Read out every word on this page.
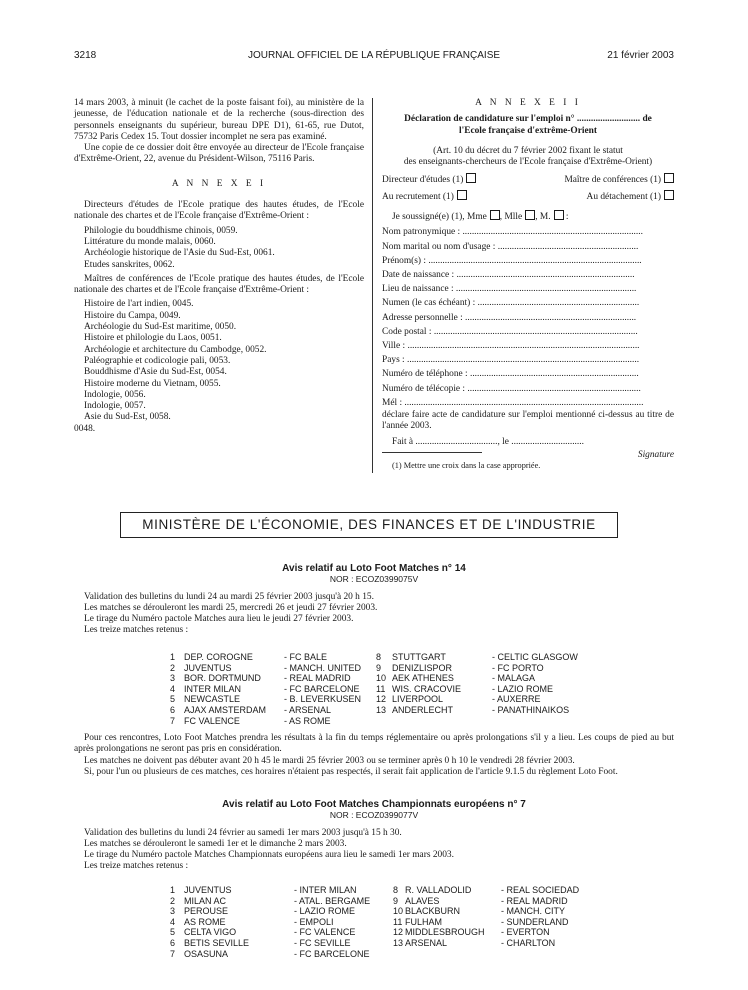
3218	JOURNAL OFFICIEL DE LA RÉPUBLIQUE FRANÇAISE	21 février 2003

14 mars 2003, à minuit (le cachet de la poste faisant foi), au ministère de la jeunesse, de l'éducation nationale et de la recherche (sous-direction des personnels enseignants du supérieur, bureau DPE D1), 61-65, rue Dutot, 75732 Paris Cedex 15. Tout dossier incomplet ne sera pas examiné.

Une copie de ce dossier doit être envoyée au directeur de l'Ecole française d'Extrême-Orient, 22, avenue du Président-Wilson, 75116 Paris.

A N N E X E I

Directeurs d'études de l'Ecole pratique des hautes études, de l'Ecole nationale des chartes et de l'Ecole française d'Extrême-Orient :

Philologie du bouddhisme chinois, 0059.

Littérature du monde malais, 0060.

Archéologie historique de l'Asie du Sud-Est, 0061.

Etudes sanskrites, 0062.

Maîtres de conférences de l'Ecole pratique des hautes études, de l'Ecole nationale des chartes et de l'Ecole française d'Extrême-Orient :

Histoire de l'art indien, 0045.

Histoire du Campa, 0049.

Archéologie du Sud-Est maritime, 0050.

Histoire et philologie du Laos, 0051.

Archéologie et architecture du Cambodge, 0052.

Paléographie et codicologie pali, 0053.

Bouddhisme d'Asie du Sud-Est, 0054.

Histoire moderne du Vietnam, 0055.

Indologie, 0056.

Indologie, 0057.

Asie du Sud-Est, 0058.

0048.

A N N E X E I I

Déclaration de candidature sur l'emploi n° ........................... de

l'Ecole française d'extrême-Orient

(Art. 10 du décret du 7 février 2002 fixant le statut

des enseignants-chercheurs de l'Ecole française d'Extrême-Orient)

Directeur d'études (1)	Maître de conférences (1)
Au recrutement (1)	Au détachement (1)

Je soussigné(e) (1), Mme , Mlle , M. :

Nom patronymique : .............................................................................

Nom marital ou nom d'usage : ............................................................

Prénom(s) : ...........................................................................................

Date de naissance : ............................................................................

Lieu de naissance : .............................................................................

Numen (le cas échéant) : .....................................................................

Adresse personnelle : .........................................................................

Code postal : .......................................................................................

Ville : ...................................................................................................

Pays : ...................................................................................................

Numéro de téléphone : ........................................................................

Numéro de télécopie : ..........................................................................

Mél : ......................................................................................................

déclare faire acte de candidature sur l'emploi mentionné ci-dessus au titre de l'année 2003.

Fait à ..................................., le ...............................

Signature

(1) Mettre une croix dans la case appropriée.
MINISTÈRE DE L'ÉCONOMIE, DES FINANCES ET DE L'INDUSTRIE

Avis relatif au Loto Foot Matches n° 14

NOR : ECOZ0399075V

Validation des bulletins du lundi 24 au mardi 25 février 2003 jusqu'à 20 h 15.

Les matches se dérouleront les mardi 25, mercredi 26 et jeudi 27 février 2003.

Le tirage du Numéro pactole Matches aura lieu le jeudi 27 février 2003.

Les treize matches retenus :

1	DEP. COROGNE	- FC BALE
2	JUVENTUS	- MANCH. UNITED
3	BOR. DORTMUND	- REAL MADRID
4	INTER MILAN	- FC BARCELONE
5	NEWCASTLE	- B. LEVERKUSEN
6	AJAX AMSTERDAM	- ARSENAL
7	FC VALENCE	- AS ROME
8	STUTTGART	- CELTIC GLASGOW
9	DENIZLISPOR	- FC PORTO
10	AEK ATHENES	- MALAGA
11	WIS. CRACOVIE	- LAZIO ROME
12	LIVERPOOL	- AUXERRE
13	ANDERLECHT	- PANATHINAIKOS

Pour ces rencontres, Loto Foot Matches prendra les résultats à la fin du temps réglementaire ou après prolongations s'il y a lieu. Les coups de pied au but après prolongations ne seront pas pris en considération.

Les matches ne doivent pas débuter avant 20 h 45 le mardi 25 février 2003 ou se terminer après 0 h 10 le vendredi 28 février 2003.

Si, pour l'un ou plusieurs de ces matches, ces horaires n'étaient pas respectés, il serait fait application de l'article 9.1.5 du règlement Loto Foot.

Avis relatif au Loto Foot Matches Championnats européens n° 7

NOR : ECOZ0399077V

Validation des bulletins du lundi 24 février au samedi 1er mars 2003 jusqu'à 15 h 30.

Les matches se dérouleront le samedi 1er et le dimanche 2 mars 2003.

Le tirage du Numéro pactole Matches Championnats européens aura lieu le samedi 1er mars 2003.

Les treize matches retenus :

1	JUVENTUS	- INTER MILAN
2	MILAN AC	- ATAL. BERGAME
3	PEROUSE	- LAZIO ROME
4	AS ROME	- EMPOLI
5	CELTA VIGO	- FC VALENCE
6	BETIS SEVILLE	- FC SEVILLE
7	OSASUNA	- FC BARCELONE
8	R. VALLADOLID	- REAL SOCIEDAD
9	ALAVES	- REAL MADRID
10	BLACKBURN	- MANCH. CITY
11	FULHAM	- SUNDERLAND
12	MIDDLESBROUGH	- EVERTON
13	ARSENAL	- CHARLTON
